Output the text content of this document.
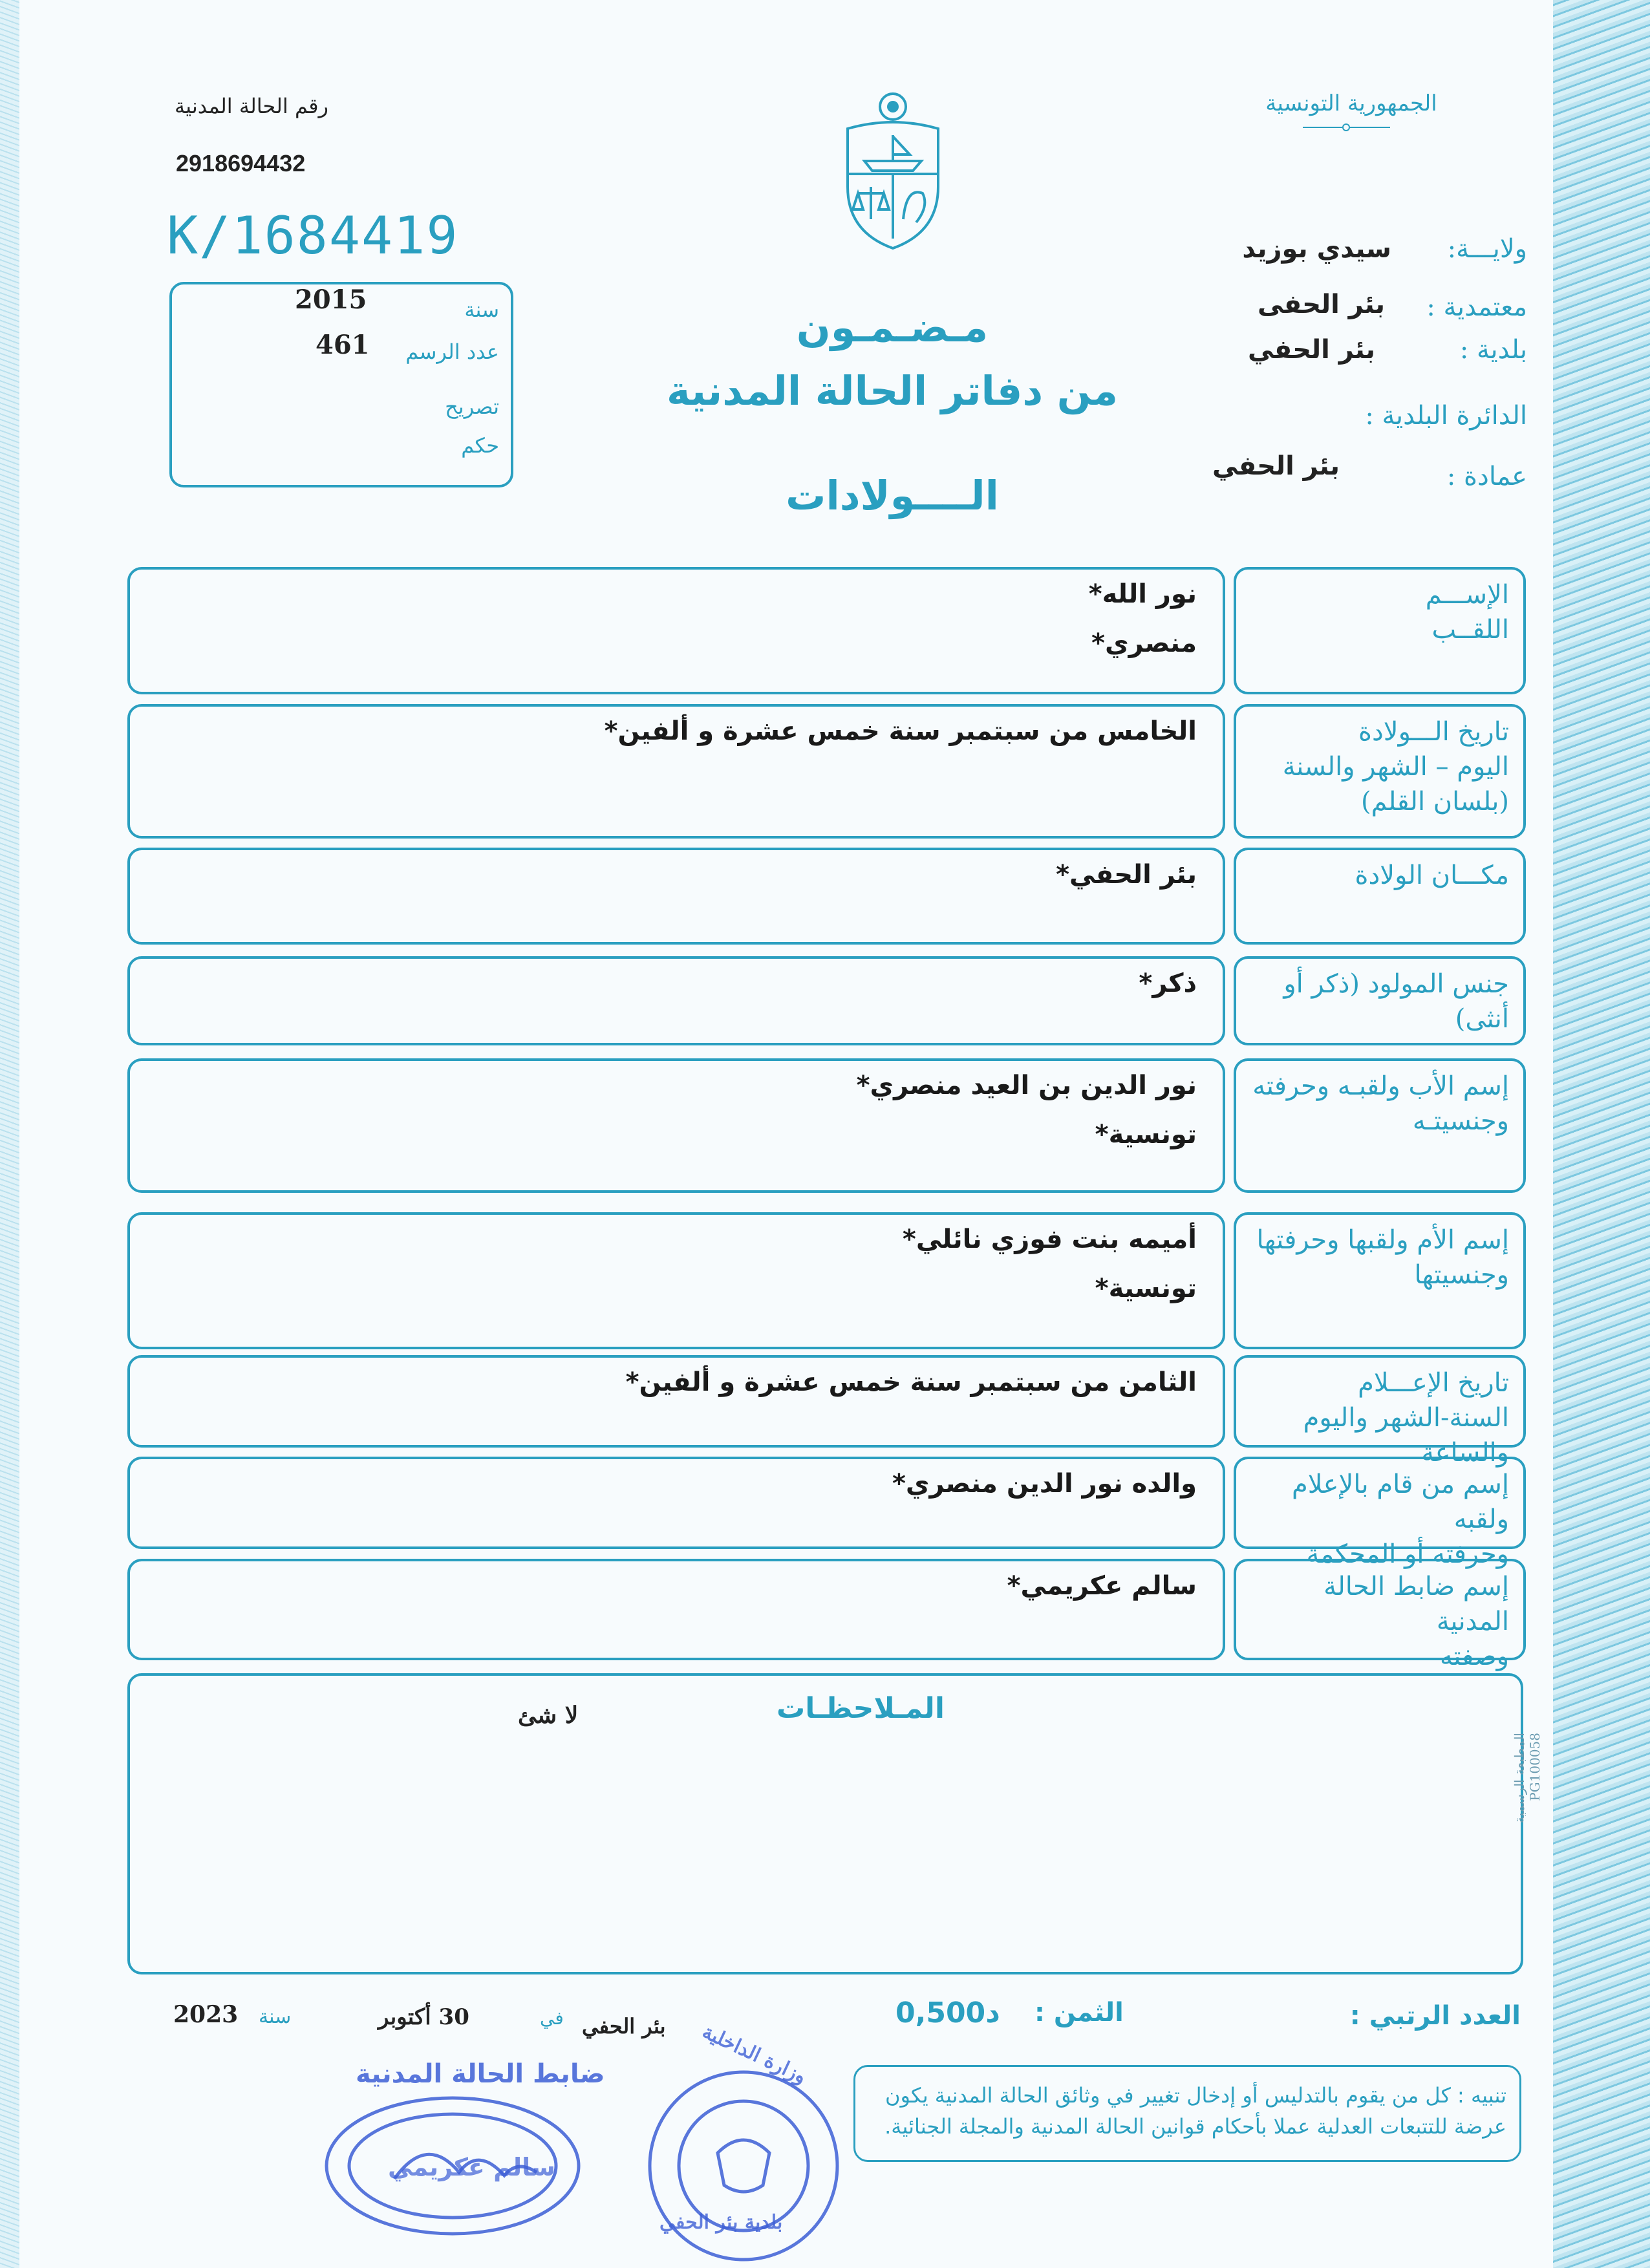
رقم الحالة المدنية
2918694432
K/1684419
2015	سنة
461 عدد الرسم
تصريح
حكم
مـضـمـون
من دفاتر الحالة المدنية
الــــولادات
الجمهورية التونسية
ولايـــة:
سيدي بوزيد
معتمدية :
بئر الحفى
بلدية :
بئر الحفي
الدائرة البلدية :
عمادة :
بئر الحفي
الإســـم
اللقــب
نور الله*
منصري*
تاريخ الـــولادة
اليوم – الشهر والسنة
(بلسان القلم)
الخامس من سبتمبر سنة خمس عشرة و ألفين*
مكـــان الولادة
بئر الحفي*
جنس المولود (ذكر أو أنثى)
ذكر*
إسم الأب ولقبـه وحرفته
وجنسيتـه
نور الدين بن العيد منصري*
تونسية*
إسم الأم ولقبها وحرفتها
وجنسيتها
أميمه بنت فوزي نائلي*
تونسية*
تاريخ الإعـــلام
السنة-الشهر واليوم والساعة
الثامن من سبتمبر سنة خمس عشرة و ألفين*
إسم من قام بالإعلام ولقبه
وحرفته أو المحكمة
والده نور الدين منصري*
إسم ضابط الحالة المدنية
وصفته
سالم عكريمي*
المـلاحظـات
لا شئ
المطبعة الرسمية PG100058
العدد الرتبي :
الثمن :
0,500د
بئر الحفي
في
30 أكتوبر
سنة
2023
تنبيه : كل من يقوم بالتدليس أو إدخال تغيير في وثائق الحالة المدنية يكون عرضة للتتبعات العدلية عملا بأحكام قوانين الحالة المدنية والمجلة الجنائية.
ضابط الحالة المدنية
سالم عكريمي
وزارة الداخلية
بلدية بئر الحفي
